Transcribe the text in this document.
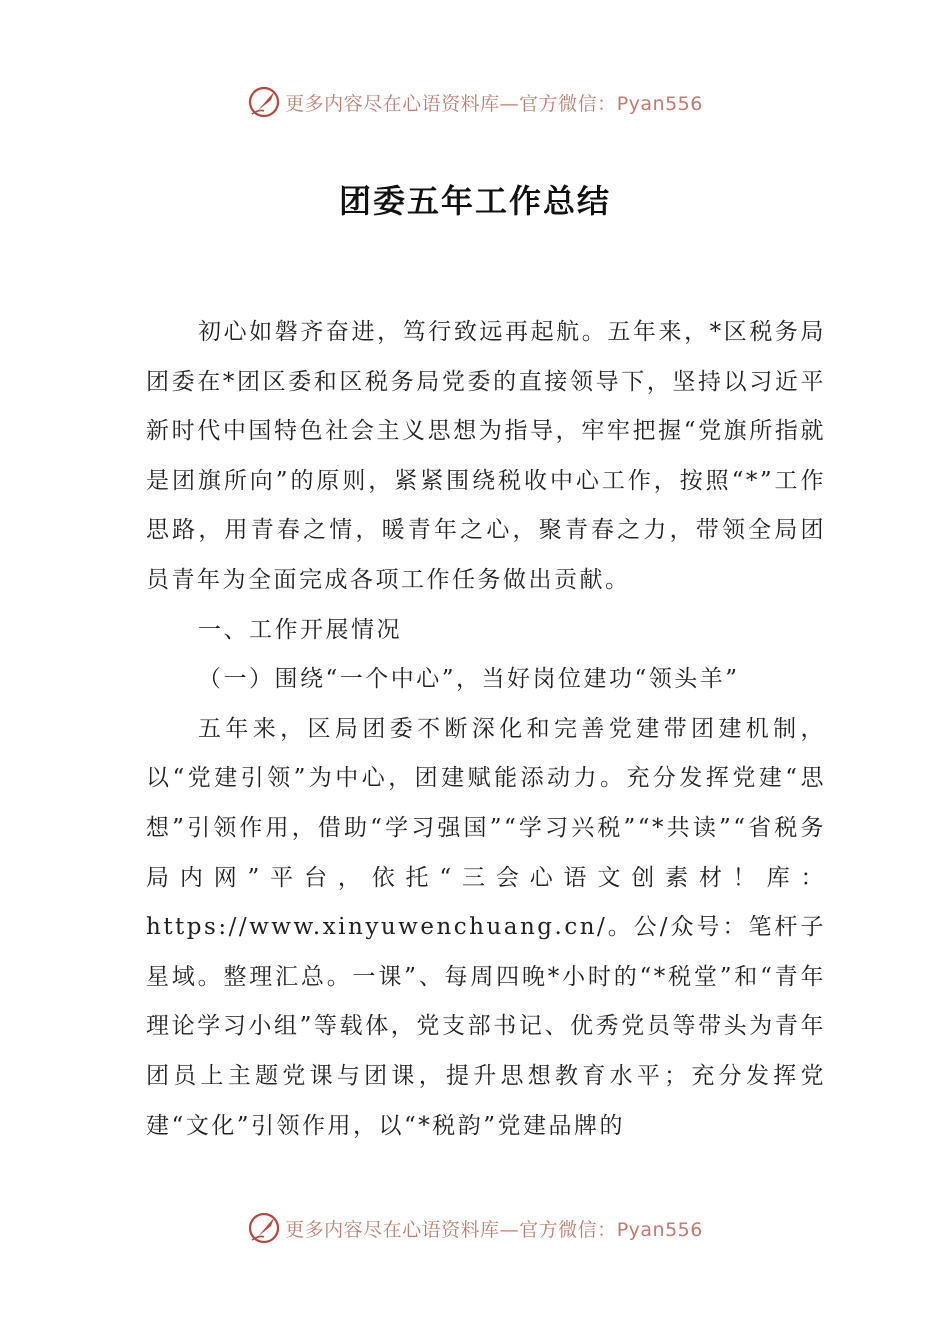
更多内容尽在心语资料库—官方微信：Pyan556
团委五年工作总结

初心如磐齐奋进，笃行致远再起航。五年来，*区税务局团委在*团区委和区税务局党委的直接领导下，坚持以习近平新时代中国特色社会主义思想为指导，牢牢把握“党旗所指就是团旗所向”的原则，紧紧围绕税收中心工作，按照“*”工作思路，用青春之情，暖青年之心，聚青春之力，带领全局团员青年为全面完成各项工作任务做出贡献。

一、工作开展情况

（一）围绕“一个中心”，当好岗位建功“领头羊”

五年来，区局团委不断深化和完善党建带团建机制，以“党建引领”为中心，团建赋能添动力。充分发挥党建“思想”引领作用，借助“学习强国”“学习兴税”“*共读”“省税务局内网”平台，依托“三会心语文创素材！库：https://www.xinyuwenchuang.cn/。公/众号：笔杆子星域。整理汇总。一课”、每周四晚*小时的“*税堂”和“青年理论学习小组”等载体，党支部书记、优秀党员等带头为青年团员上主题党课与团课，提升思想教育水平；充分发挥党建“文化”引领作用，以“*税韵”党建品牌的

更多内容尽在心语资料库—官方微信：Pyan556
